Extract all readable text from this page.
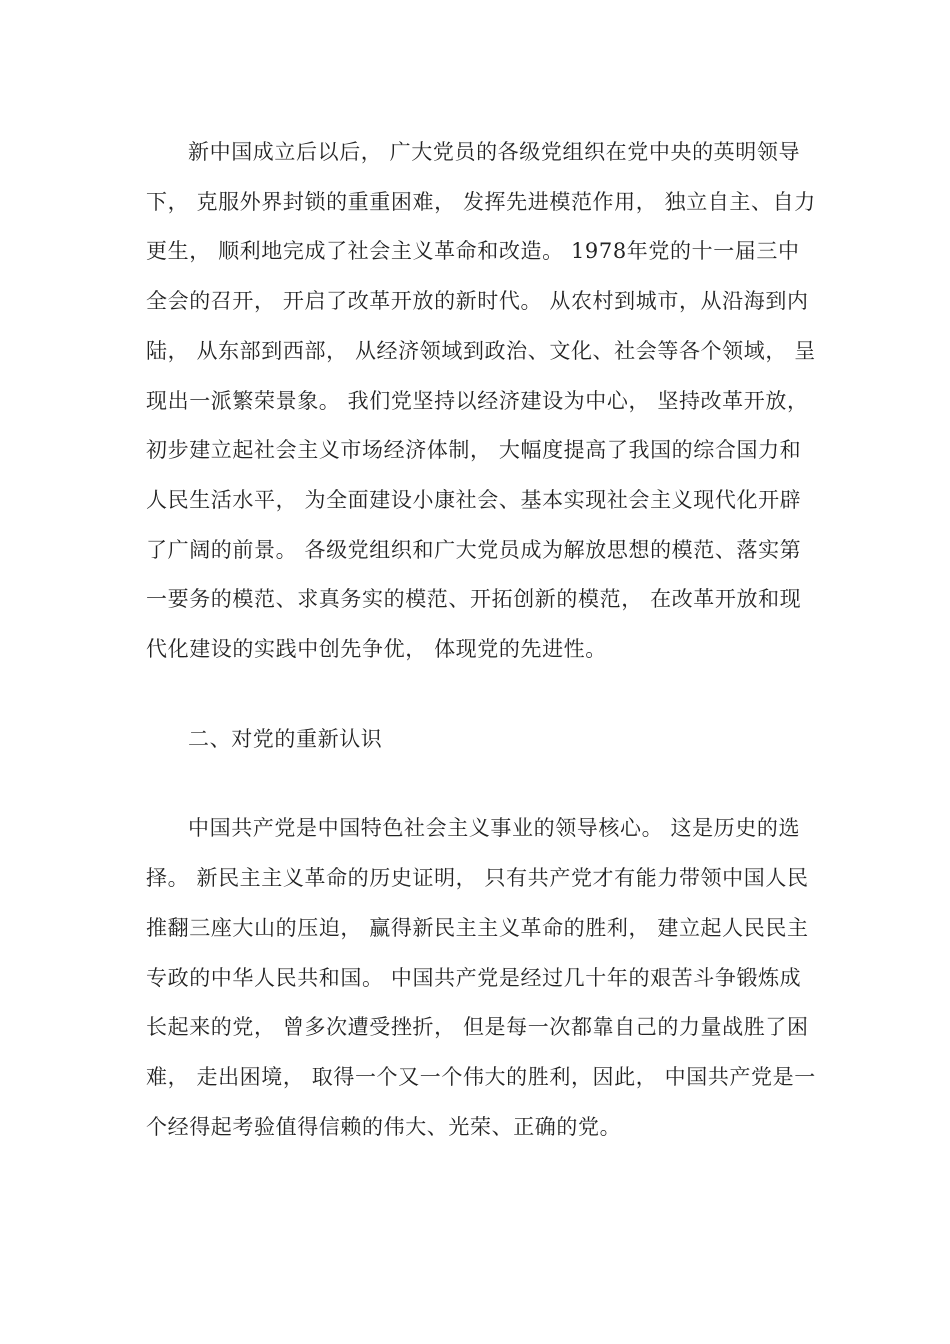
新中国成立后以后， 广大党员的各级党组织在党中央的英明领导下， 克服外界封锁的重重困难， 发挥先进模范作用， 独立自主、自力更生， 顺利地完成了社会主义革命和改造。 1978年党的十一届三中全会的召开， 开启了改革开放的新时代。 从农村到城市，从沿海到内陆， 从东部到西部， 从经济领域到政治、文化、社会等各个领域， 呈现出一派繁荣景象。 我们党坚持以经济建设为中心， 坚持改革开放， 初步建立起社会主义市场经济体制， 大幅度提高了我国的综合国力和人民生活水平， 为全面建设小康社会、基本实现社会主义现代化开辟了广阔的前景。 各级党组织和广大党员成为解放思想的模范、落实第一要务的模范、求真务实的模范、开拓创新的模范， 在改革开放和现代化建设的实践中创先争优， 体现党的先进性。

二、对党的重新认识

中国共产党是中国特色社会主义事业的领导核心。 这是历史的选择。 新民主主义革命的历史证明， 只有共产党才有能力带领中国人民推翻三座大山的压迫， 赢得新民主主义革命的胜利， 建立起人民民主专政的中华人民共和国。 中国共产党是经过几十年的艰苦斗争锻炼成长起来的党， 曾多次遭受挫折， 但是每一次都靠自己的力量战胜了困难， 走出困境， 取得一个又一个伟大的胜利，因此， 中国共产党是一个经得起考验值得信赖的伟大、光荣、正确的党。
